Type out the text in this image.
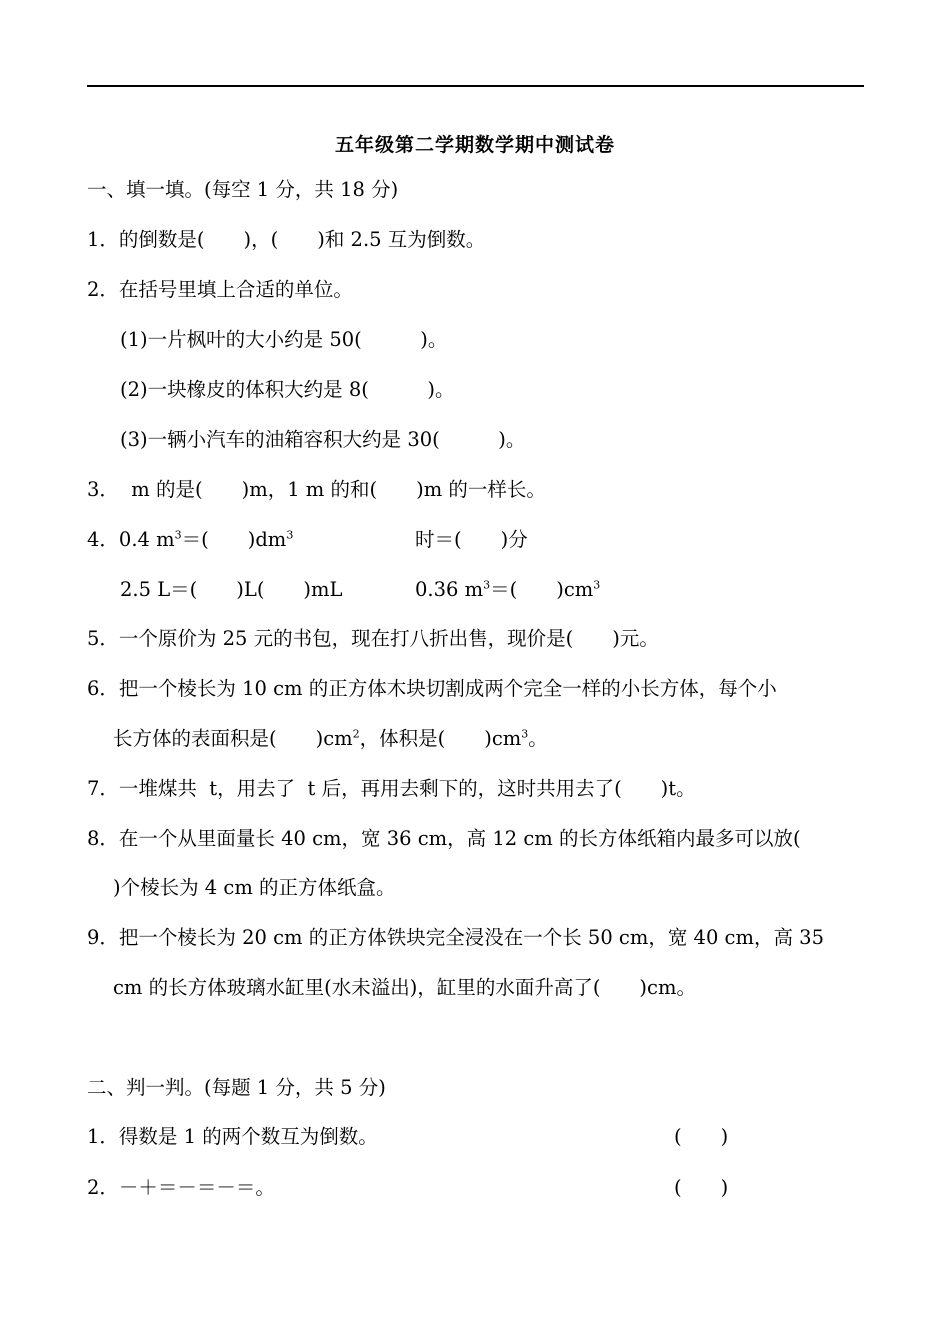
五年级第二学期数学期中测试卷
一、填一填。(每空 1 分，共 18 分)
1．的倒数是(　　)，(　　)和 2.5 互为倒数。
2．在括号里填上合适的单位。
(1)一片枫叶的大小约是 50(　　　)。
(2)一块橡皮的体积大约是 8(　　　)。
(3)一辆小汽车的油箱容积大约是 30(　　　)。
3．  m 的是(　　)m，1 m 的和(　　)m 的一样长。
4．0.4 $m^3=$(　　)$dm^3$	时＝(　　)分
2.5 L＝(　　)L(　　)mL	0.36 $m^3=$(　　)$cm^3$
5．一个原价为 25 元的书包，现在打八折出售，现价是(　　)元。
6．把一个棱长为 10 cm 的正方体木块切割成两个完全一样的小长方体，每个小
长方体的表面积是(　　)$cm^2$，体积是(　　)$cm^3$。
7．一堆煤共  t，用去了  t 后，再用去剩下的，这时共用去了(　　)t。
8．在一个从里面量长 40 cm，宽 36 cm，高 12 cm 的长方体纸箱内最多可以放(
)个棱长为 4 cm 的正方体纸盒。
9．把一个棱长为 20 cm 的正方体铁块完全浸没在一个长 50 cm，宽 40 cm，高 35
cm 的长方体玻璃水缸里(水未溢出)，缸里的水面升高了(　　)cm。
二、判一判。(每题 1 分，共 5 分)
1．得数是 1 的两个数互为倒数。	(　　)
2．－＋＝－＝－＝。	(　　)
